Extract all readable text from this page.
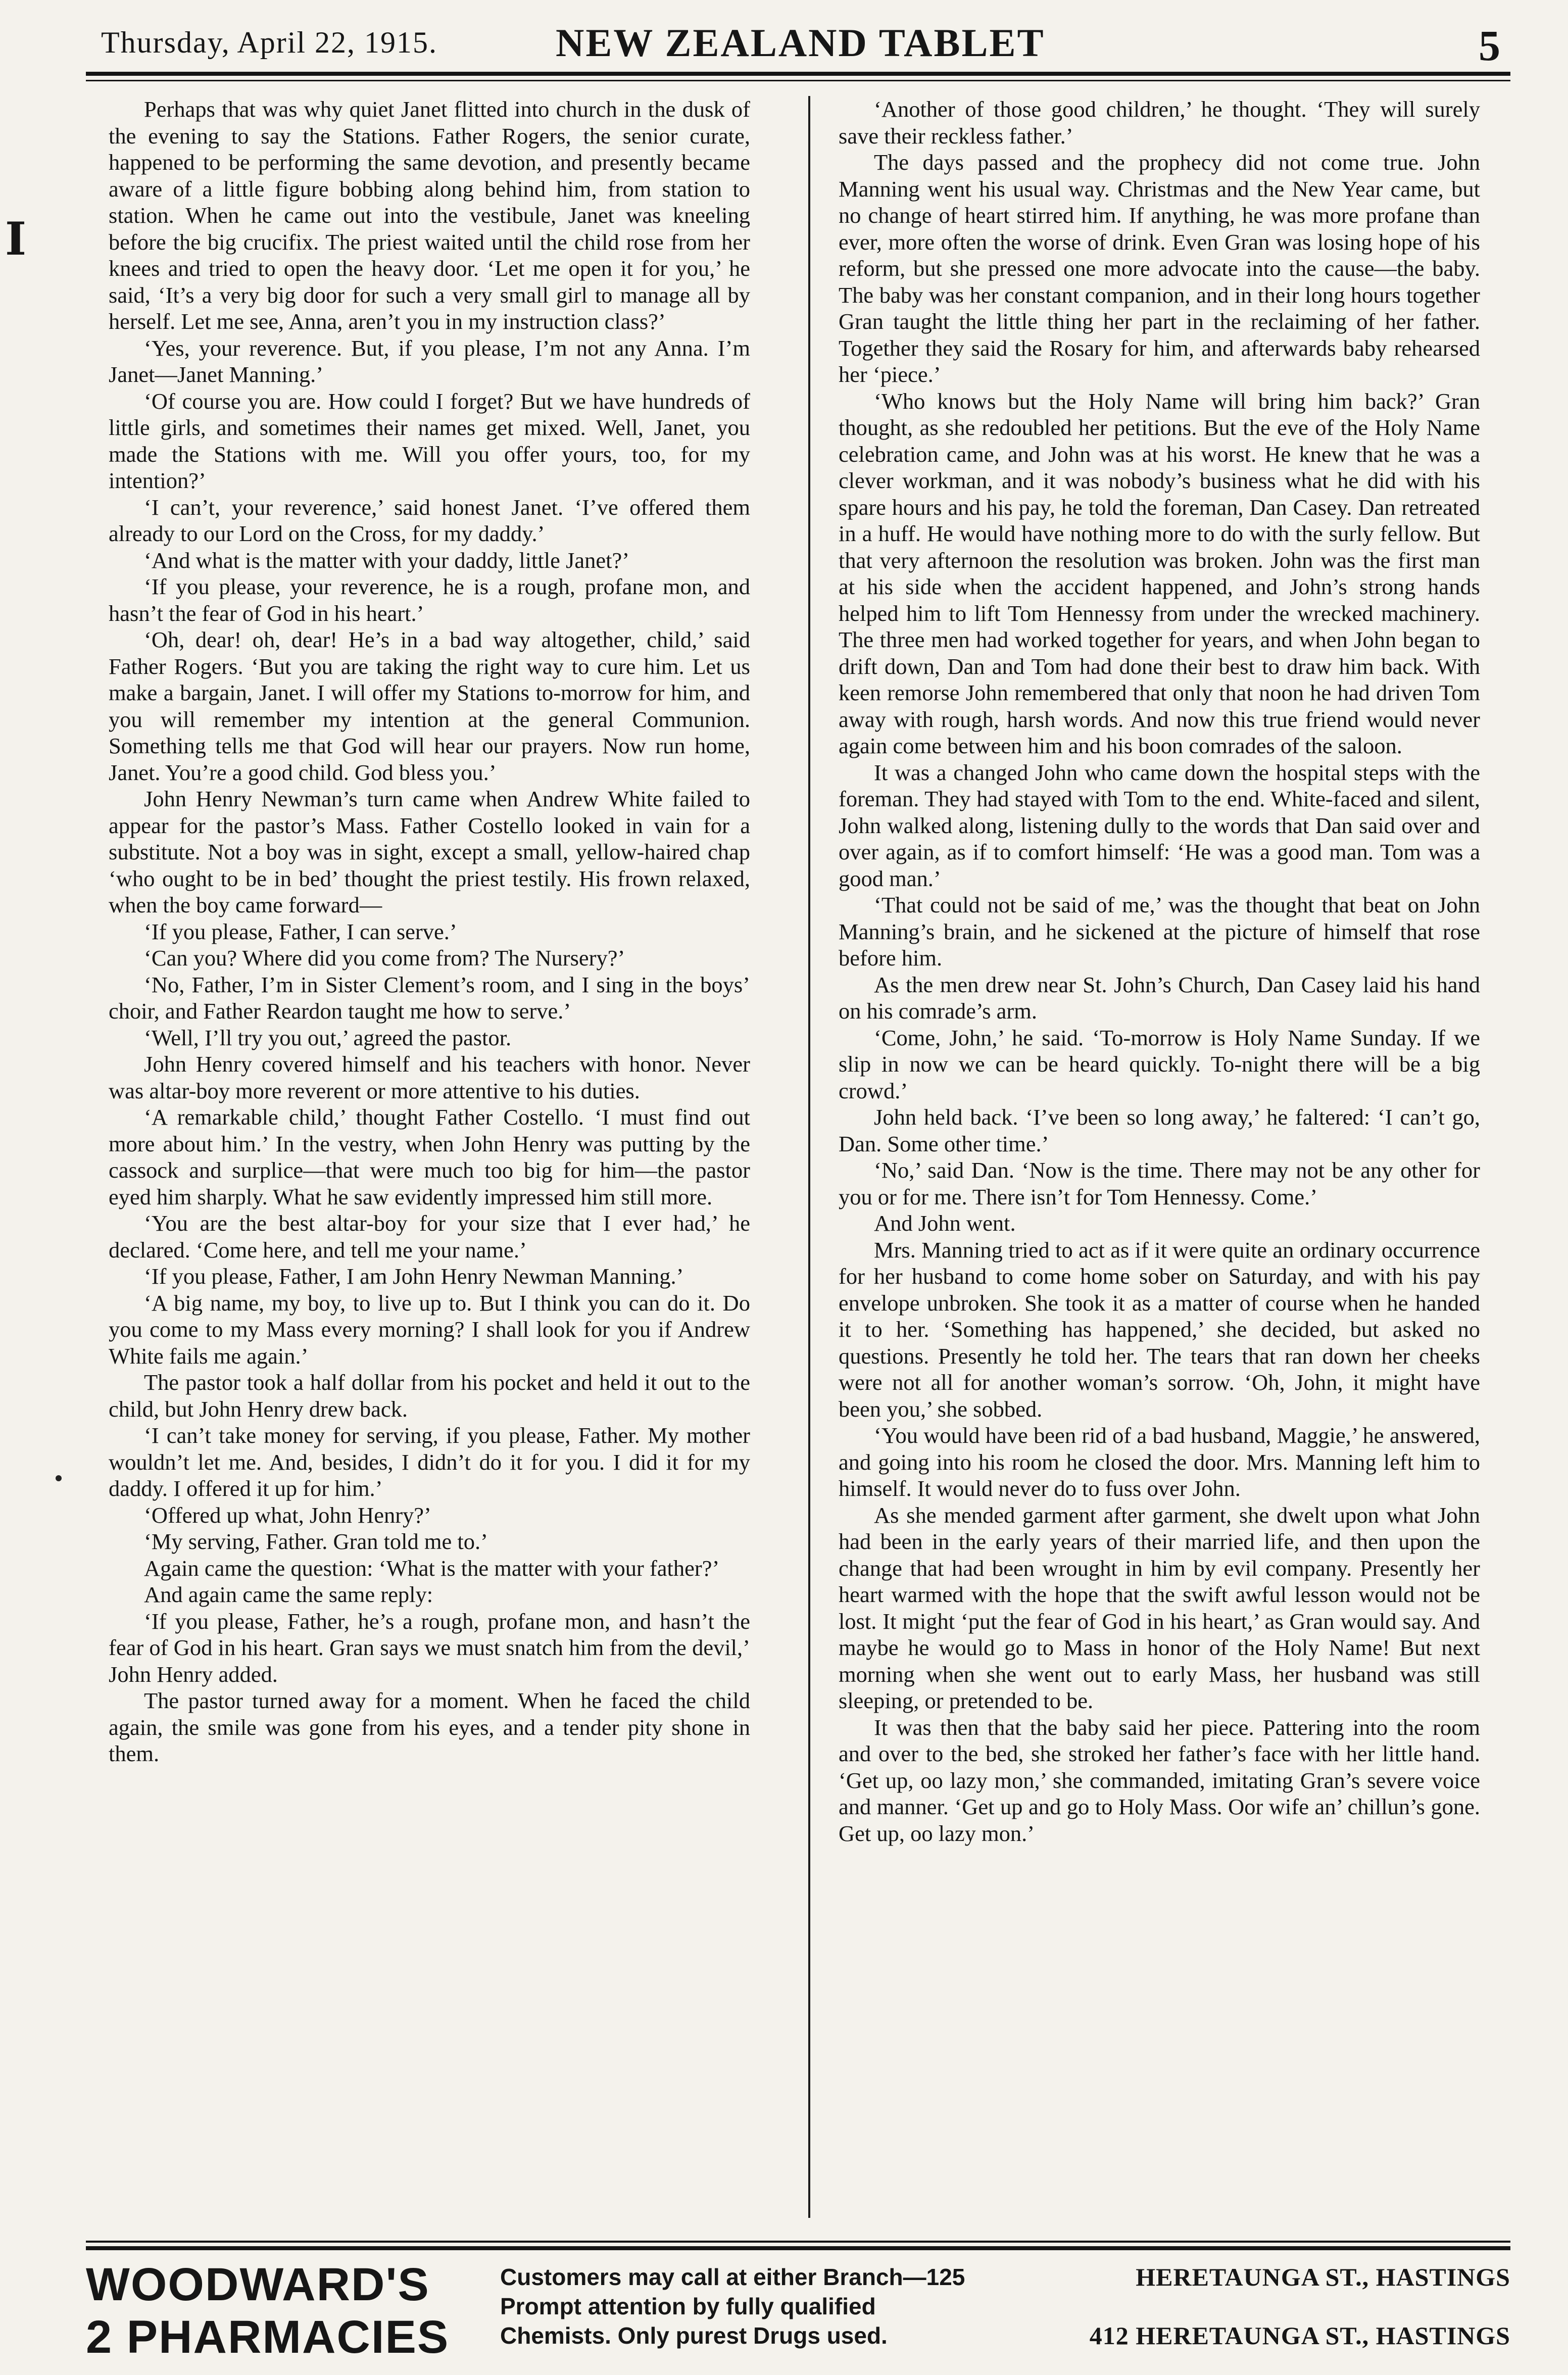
Thursday, April 22, 1915.	NEW ZEALAND TABLET	5
I

Perhaps that was why quiet Janet flitted into church in the dusk of the evening to say the Stations. Father Rogers, the senior curate, happened to be performing the same devotion, and presently became aware of a little figure bobbing along behind him, from station to station. When he came out into the vestibule, Janet was kneeling before the big crucifix. The priest waited until the child rose from her knees and tried to open the heavy door. ‘Let me open it for you,’ he said, ‘It’s a very big door for such a very small girl to manage all by herself. Let me see, Anna, aren’t you in my instruction class?’

‘Yes, your reverence. But, if you please, I’m not any Anna. I’m Janet—Janet Manning.’

‘Of course you are. How could I forget? But we have hundreds of little girls, and sometimes their names get mixed. Well, Janet, you made the Stations with me. Will you offer yours, too, for my intention?’

‘I can’t, your reverence,’ said honest Janet. ‘I’ve offered them already to our Lord on the Cross, for my daddy.’

‘And what is the matter with your daddy, little Janet?’

‘If you please, your reverence, he is a rough, profane mon, and hasn’t the fear of God in his heart.’

‘Oh, dear! oh, dear! He’s in a bad way altogether, child,’ said Father Rogers. ‘But you are taking the right way to cure him. Let us make a bargain, Janet. I will offer my Stations to-morrow for him, and you will remember my intention at the general Communion. Something tells me that God will hear our prayers. Now run home, Janet. You’re a good child. God bless you.’

John Henry Newman’s turn came when Andrew White failed to appear for the pastor’s Mass. Father Costello looked in vain for a substitute. Not a boy was in sight, except a small, yellow-haired chap ‘who ought to be in bed’ thought the priest testily. His frown relaxed, when the boy came forward—

‘If you please, Father, I can serve.’

‘Can you? Where did you come from? The Nursery?’

‘No, Father, I’m in Sister Clement’s room, and I sing in the boys’ choir, and Father Reardon taught me how to serve.’

‘Well, I’ll try you out,’ agreed the pastor.

John Henry covered himself and his teachers with honor. Never was altar-boy more reverent or more attentive to his duties.

‘A remarkable child,’ thought Father Costello. ‘I must find out more about him.’ In the vestry, when John Henry was putting by the cassock and surplice—that were much too big for him—the pastor eyed him sharply. What he saw evidently impressed him still more.

‘You are the best altar-boy for your size that I ever had,’ he declared. ‘Come here, and tell me your name.’

‘If you please, Father, I am John Henry Newman Manning.’

‘A big name, my boy, to live up to. But I think you can do it. Do you come to my Mass every morning? I shall look for you if Andrew White fails me again.’

The pastor took a half dollar from his pocket and held it out to the child, but John Henry drew back.

‘I can’t take money for serving, if you please, Father. My mother wouldn’t let me. And, besides, I didn’t do it for you. I did it for my daddy. I offered it up for him.’

‘Offered up what, John Henry?’

‘My serving, Father. Gran told me to.’

Again came the question: ‘What is the matter with your father?’

And again came the same reply:

‘If you please, Father, he’s a rough, profane mon, and hasn’t the fear of God in his heart. Gran says we must snatch him from the devil,’ John Henry added.

The pastor turned away for a moment. When he faced the child again, the smile was gone from his eyes, and a tender pity shone in them.

‘Another of those good children,’ he thought. ‘They will surely save their reckless father.’

The days passed and the prophecy did not come true. John Manning went his usual way. Christmas and the New Year came, but no change of heart stirred him. If anything, he was more profane than ever, more often the worse of drink. Even Gran was losing hope of his reform, but she pressed one more advocate into the cause—the baby. The baby was her constant companion, and in their long hours together Gran taught the little thing her part in the reclaiming of her father. Together they said the Rosary for him, and afterwards baby rehearsed her ‘piece.’

‘Who knows but the Holy Name will bring him back?’ Gran thought, as she redoubled her petitions. But the eve of the Holy Name celebration came, and John was at his worst. He knew that he was a clever workman, and it was nobody’s business what he did with his spare hours and his pay, he told the foreman, Dan Casey. Dan retreated in a huff. He would have nothing more to do with the surly fellow. But that very afternoon the resolution was broken. John was the first man at his side when the accident happened, and John’s strong hands helped him to lift Tom Hennessy from under the wrecked machinery. The three men had worked together for years, and when John began to drift down, Dan and Tom had done their best to draw him back. With keen remorse John remembered that only that noon he had driven Tom away with rough, harsh words. And now this true friend would never again come between him and his boon comrades of the saloon.

It was a changed John who came down the hospital steps with the foreman. They had stayed with Tom to the end. White-faced and silent, John walked along, listening dully to the words that Dan said over and over again, as if to comfort himself: ‘He was a good man. Tom was a good man.’

‘That could not be said of me,’ was the thought that beat on John Manning’s brain, and he sickened at the picture of himself that rose before him.

As the men drew near St. John’s Church, Dan Casey laid his hand on his comrade’s arm.

‘Come, John,’ he said. ‘To-morrow is Holy Name Sunday. If we slip in now we can be heard quickly. To-night there will be a big crowd.’

John held back. ‘I’ve been so long away,’ he faltered: ‘I can’t go, Dan. Some other time.’

‘No,’ said Dan. ‘Now is the time. There may not be any other for you or for me. There isn’t for Tom Hennessy. Come.’

And John went.

Mrs. Manning tried to act as if it were quite an ordinary occurrence for her husband to come home sober on Saturday, and with his pay envelope unbroken. She took it as a matter of course when he handed it to her. ‘Something has happened,’ she decided, but asked no questions. Presently he told her. The tears that ran down her cheeks were not all for another woman’s sorrow. ‘Oh, John, it might have been you,’ she sobbed.

‘You would have been rid of a bad husband, Maggie,’ he answered, and going into his room he closed the door. Mrs. Manning left him to himself. It would never do to fuss over John.

As she mended garment after garment, she dwelt upon what John had been in the early years of their married life, and then upon the change that had been wrought in him by evil company. Presently her heart warmed with the hope that the swift awful lesson would not be lost. It might ‘put the fear of God in his heart,’ as Gran would say. And maybe he would go to Mass in honor of the Holy Name! But next morning when she went out to early Mass, her husband was still sleeping, or pretended to be.

It was then that the baby said her piece. Pattering into the room and over to the bed, she stroked her father’s face with her little hand. ‘Get up, oo lazy mon,’ she commanded, imitating Gran’s severe voice and manner. ‘Get up and go to Holy Mass. Oor wife an’ chillun’s gone. Get up, oo lazy mon.’

WOODWARD'S
2 PHARMACIES
Customers may call at either Branch—125	HERETAUNGA ST., HASTINGS
Prompt attention by fully qualified
Chemists. Only purest Drugs used.	412 HERETAUNGA ST., HASTINGS
